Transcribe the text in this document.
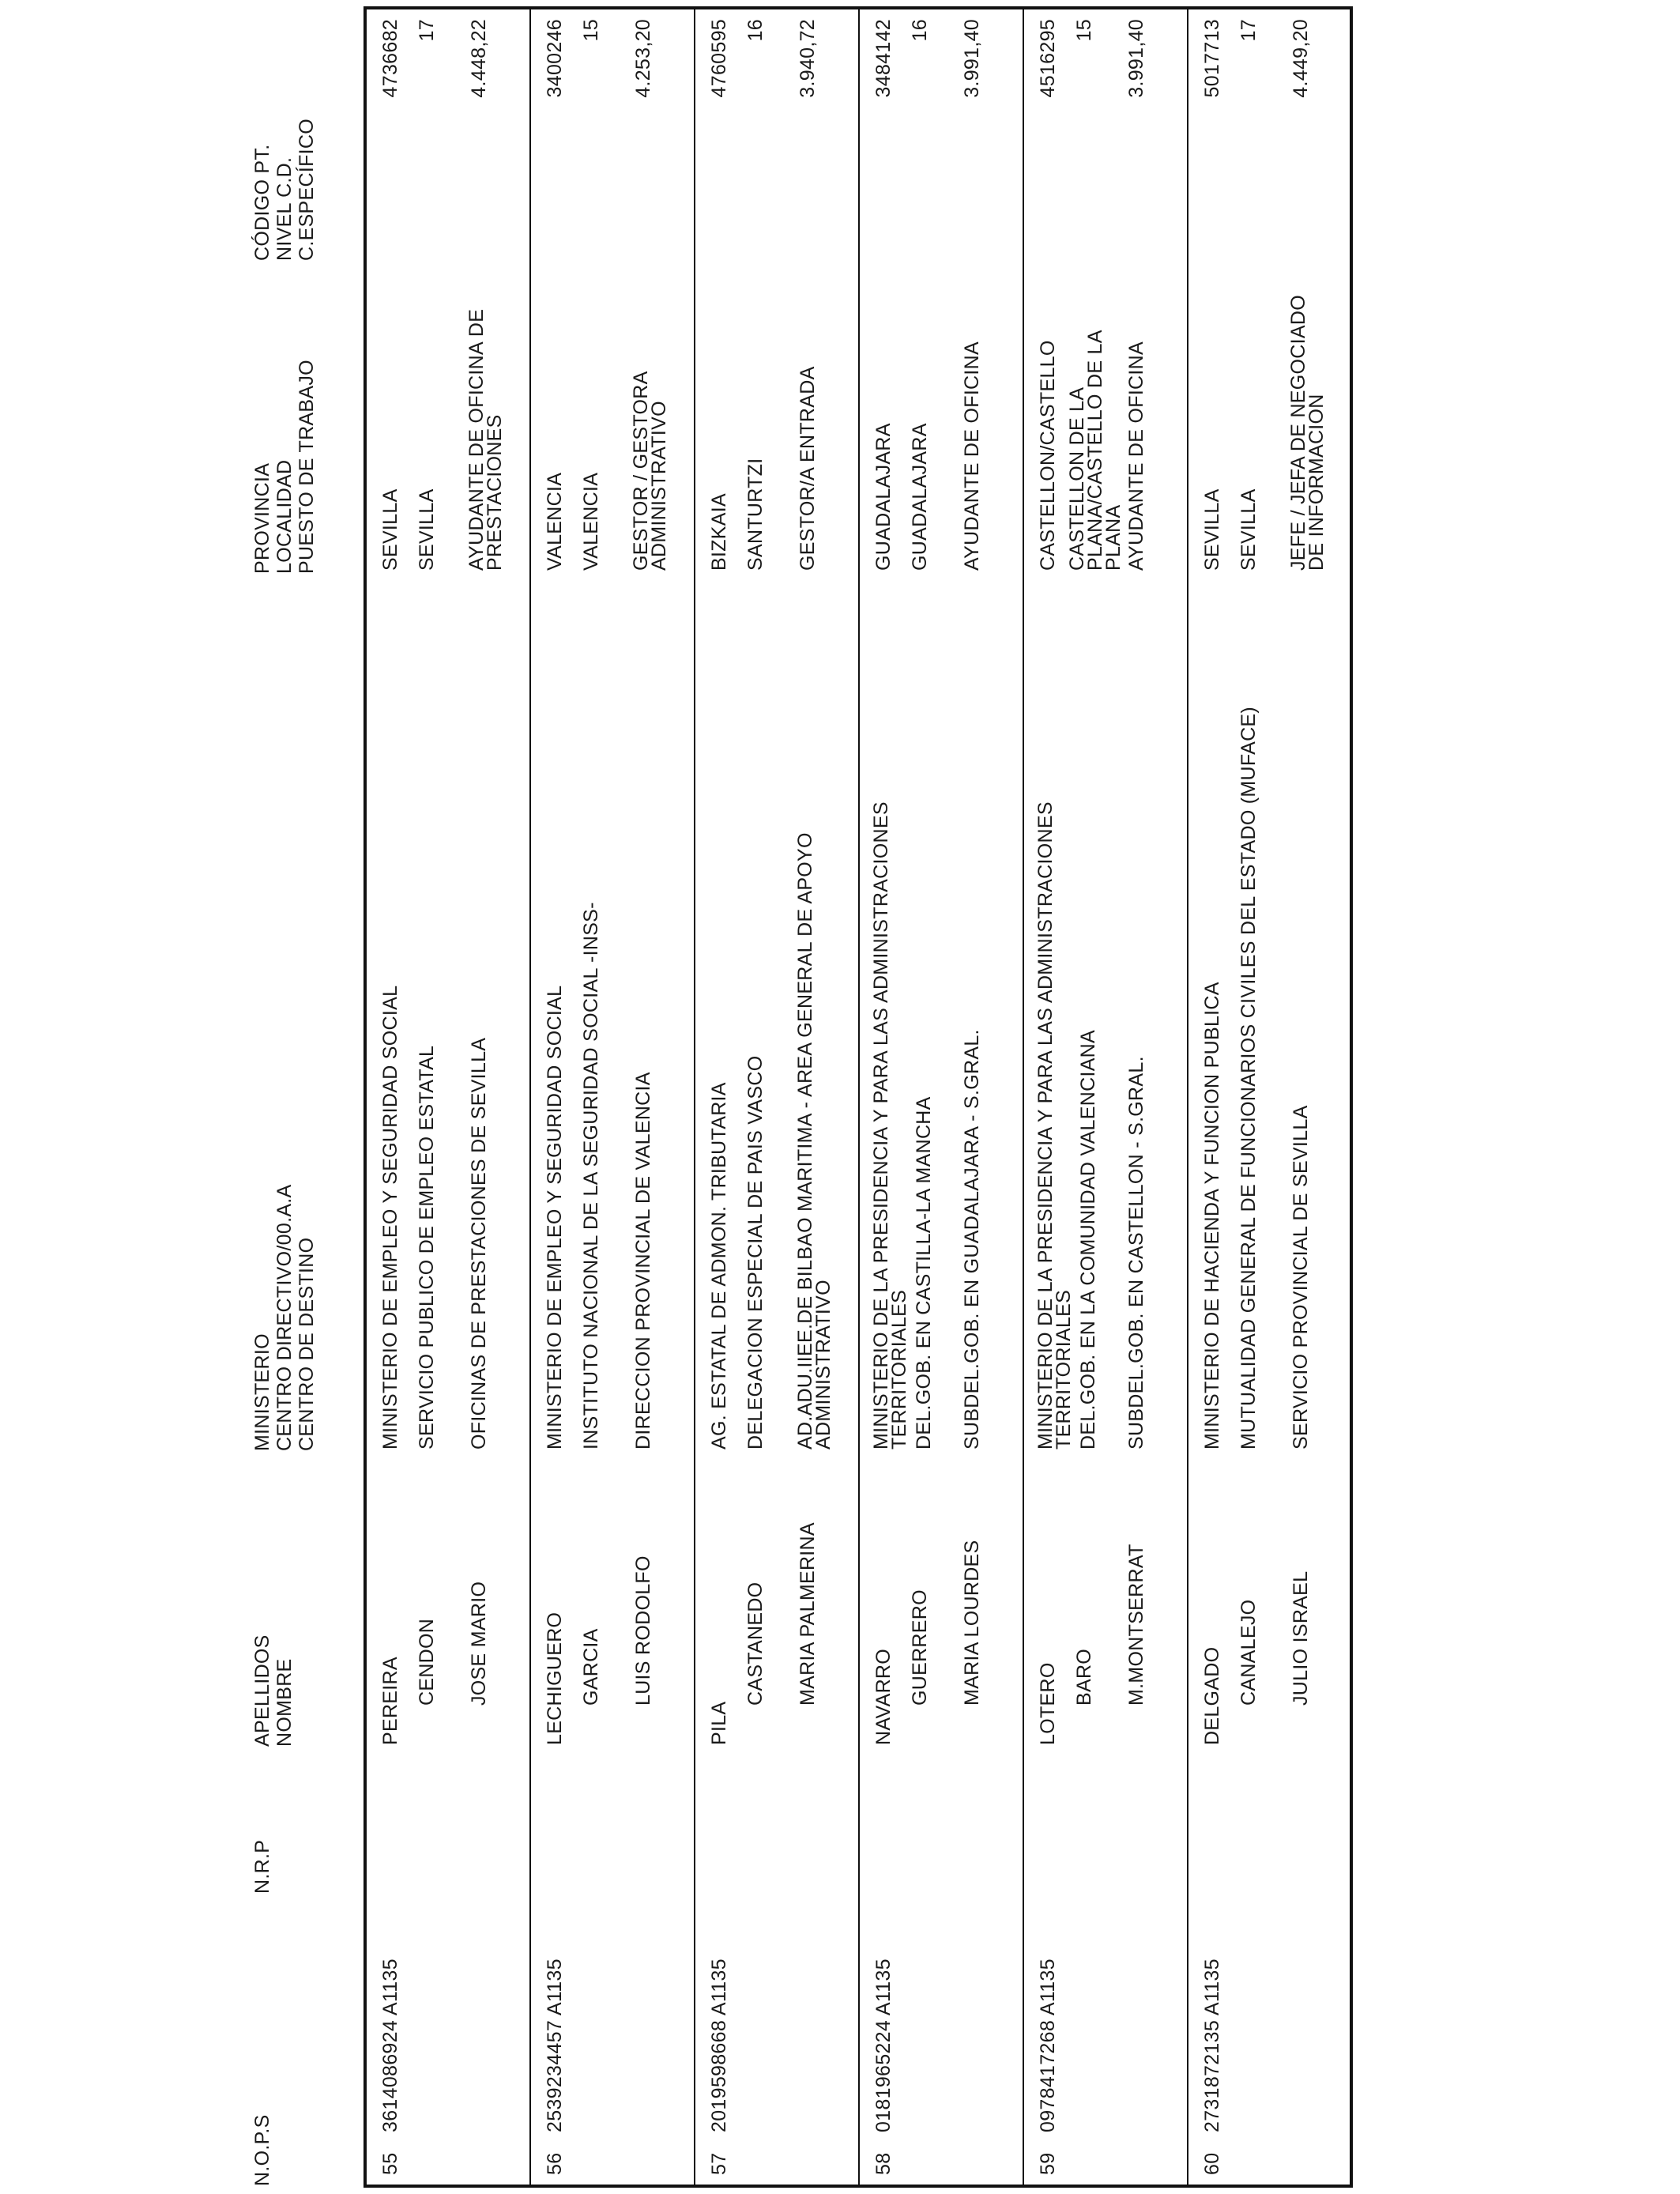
N.O.P.S
N.R.P
APELLIDOS NOMBRE
MINISTERIO CENTRO DIRECTIVO/00.A.A CENTRO DE DESTINO
PROVINCIA LOCALIDAD PUESTO DE TRABAJO
CÓDIGO PT. NIVEL C.D. C.ESPECÍFICO
55
3614086924 A1135
PEREIRA CENDON JOSE MARIO
MINISTERIO DE EMPLEO Y SEGURIDAD SOCIAL SERVICIO PUBLICO DE EMPLEO ESTATAL OFICINAS DE PRESTACIONES DE SEVILLA
SEVILLA SEVILLA AYUDANTE DE OFICINA DE PRESTACIONES
4736682 17 4.448,22
56
2539234457 A1135
LECHIGUERO GARCIA LUIS RODOLFO
MINISTERIO DE EMPLEO Y SEGURIDAD SOCIAL INSTITUTO NACIONAL DE LA SEGURIDAD SOCIAL -INSS- DIRECCION PROVINCIAL DE VALENCIA
VALENCIA VALENCIA GESTOR / GESTORA ADMINISTRATIVO
3400246 15 4.253,20
57
2019598668 A1135
PILA
CASTANEDO MARIA PALMERINA
AG. ESTATAL DE ADMON. TRIBUTARIA DELEGACION ESPECIAL DE PAIS VASCO AD.ADU.IIEE.DE BILBAO MARITIMA - AREA GENERAL DE APOYO ADMINISTRATIVO
BIZKAIA SANTURTZI GESTOR/A ENTRADA
4760595 16 3.940,72
58
0181965224 A1135
NAVARRO GUERRERO MARIA LOURDES
MINISTERIO DE LA PRESIDENCIA Y PARA LAS ADMINISTRACIONES TERRITORIALES DEL.GOB. EN CASTILLA-LA MANCHA SUBDEL.GOB. EN GUADALAJARA - S.GRAL.
GUADALAJARA GUADALAJARA AYUDANTE DE OFICINA
3484142 16 3.991,40
59
0978417268 A1135
LOTERO BARO M.MONTSERRAT
MINISTERIO DE LA PRESIDENCIA Y PARA LAS ADMINISTRACIONES TERRITORIALES DEL.GOB. EN LA COMUNIDAD VALENCIANA SUBDEL.GOB. EN CASTELLON - S.GRAL.
CASTELLON/CASTELLO CASTELLON DE LA PLANA/CASTELLO DE LA PLANA AYUDANTE DE OFICINA
4516295 15 3.991,40
60
2731872135 A1135
DELGADO CANALEJO JULIO ISRAEL
MINISTERIO DE HACIENDA Y FUNCION PUBLICA MUTUALIDAD GENERAL DE FUNCIONARIOS CIVILES DEL ESTADO (MUFACE) SERVICIO PROVINCIAL DE SEVILLA
SEVILLA SEVILLA JEFE / JEFA DE NEGOCIADO DE INFORMACION
5017713 17 4.449,20
